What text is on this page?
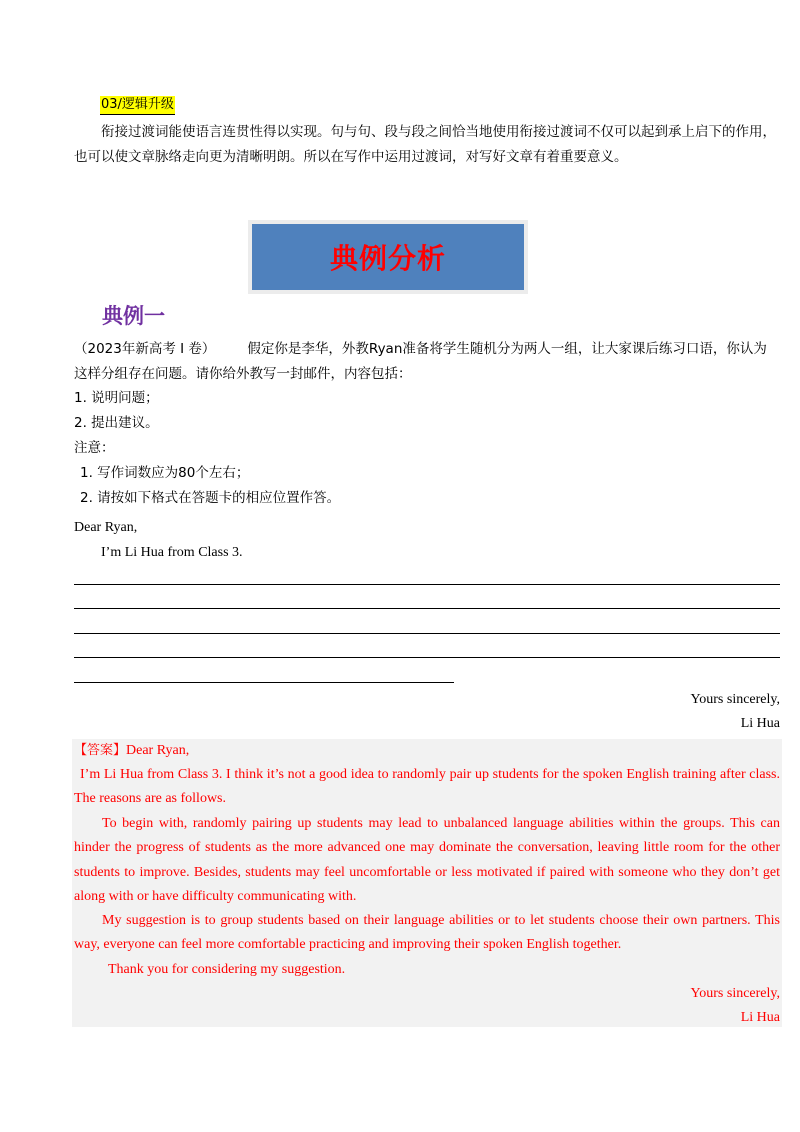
03/逻辑升级
衔接过渡词能使语言连贯性得以实现。句与句、段与段之间恰当地使用衔接过渡词不仅可以起到承上启下的作用，也可以使文章脉络走向更为清晰明朗。所以在写作中运用过渡词，对写好文章有着重要意义。
典例分析
典例一
（2023年新高考 I 卷） 假定你是李华，外教Ryan准备将学生随机分为两人一组，让大家课后练习口语，你认为这样分组存在问题。请你给外教写一封邮件，内容包括：
1. 说明问题；
2. 提出建议。
注意：
1. 写作词数应为80个左右；
2. 请按如下格式在答题卡的相应位置作答。
Dear Ryan,
I’m Li Hua from Class 3.
Yours sincerely,
Li Hua
【答案】Dear Ryan,
I’m Li Hua from Class 3. I think it’s not a good idea to randomly pair up students for the spoken English training after class. The reasons are as follows.
To begin with, randomly pairing up students may lead to unbalanced language abilities within the groups. This can hinder the progress of students as the more advanced one may dominate the conversation, leaving little room for the other students to improve. Besides, students may feel uncomfortable or less motivated if paired with someone who they don’t get along with or have difficulty communicating with.
My suggestion is to group students based on their language abilities or to let students choose their own partners. This way, everyone can feel more comfortable practicing and improving their spoken English together.
Thank you for considering my suggestion.
Yours sincerely,
Li Hua
